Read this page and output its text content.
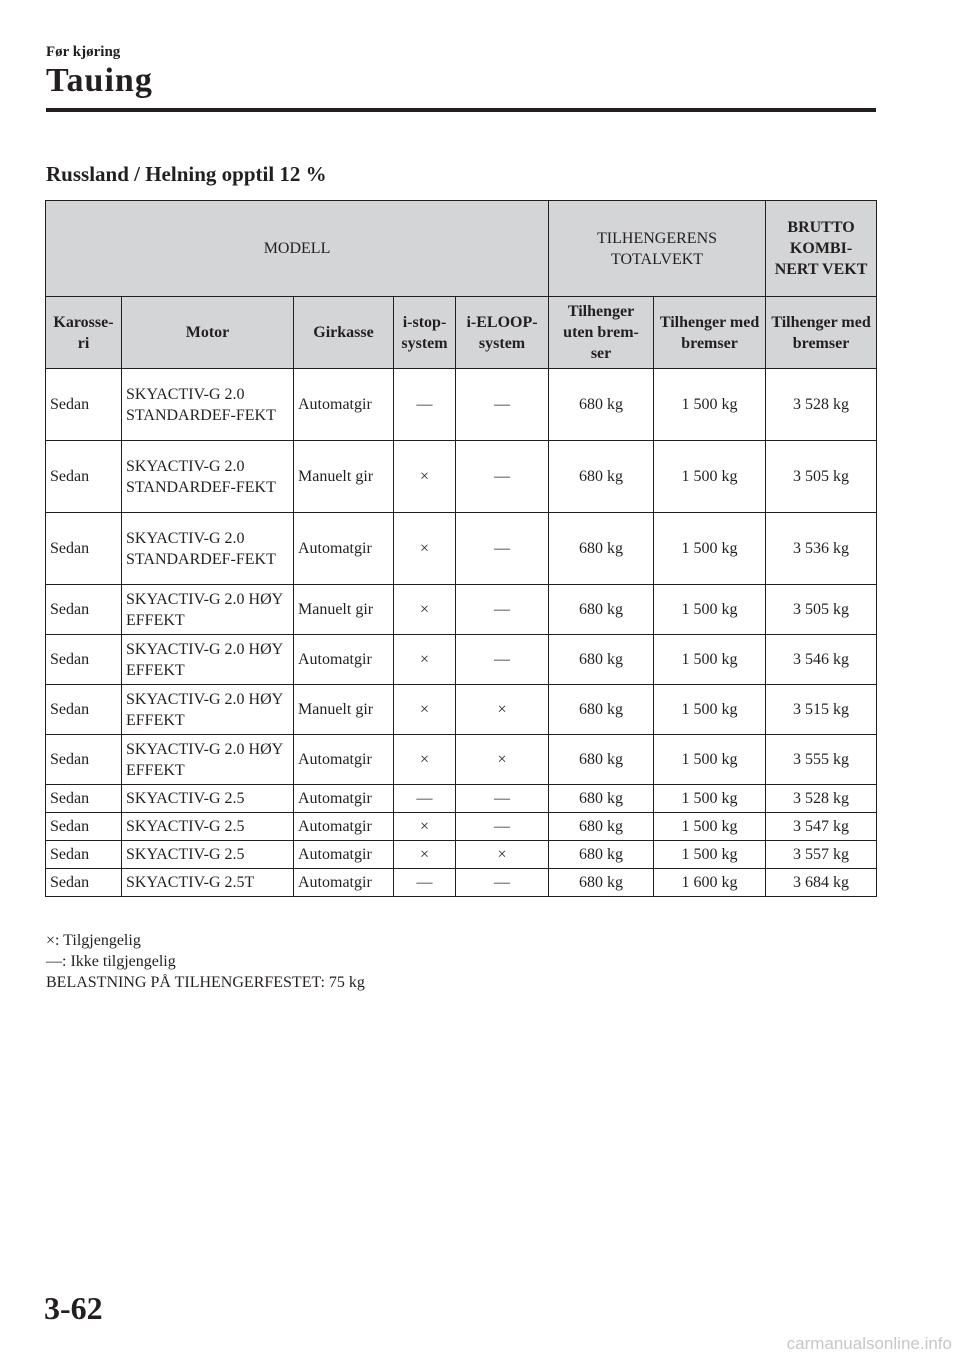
Før kjøring
Tauing
Russland / Helning opptil 12 %
MODELL					TILHENGERENS TOTALVEKT		BRUTTO KOMBI-NERT VEKT
Karosse-ri	Motor	Girkasse	i-stop-system	i-ELOOP-system	Tilhenger uten brem-ser	Tilhenger med bremser	Tilhenger med bremser
Sedan	SKYACTIV-G 2.0 STANDARDEF-FEKT	Automatgir	—	—	680 kg	1 500 kg	3 528 kg
Sedan	SKYACTIV-G 2.0 STANDARDEF-FEKT	Manuelt gir	×	—	680 kg	1 500 kg	3 505 kg
Sedan	SKYACTIV-G 2.0 STANDARDEF-FEKT	Automatgir	×	—	680 kg	1 500 kg	3 536 kg
Sedan	SKYACTIV-G 2.0 HØY EFFEKT	Manuelt gir	×	—	680 kg	1 500 kg	3 505 kg
Sedan	SKYACTIV-G 2.0 HØY EFFEKT	Automatgir	×	—	680 kg	1 500 kg	3 546 kg
Sedan	SKYACTIV-G 2.0 HØY EFFEKT	Manuelt gir	×	×	680 kg	1 500 kg	3 515 kg
Sedan	SKYACTIV-G 2.0 HØY EFFEKT	Automatgir	×	×	680 kg	1 500 kg	3 555 kg
Sedan	SKYACTIV-G 2.5	Automatgir	—	—	680 kg	1 500 kg	3 528 kg
Sedan	SKYACTIV-G 2.5	Automatgir	×	—	680 kg	1 500 kg	3 547 kg
Sedan	SKYACTIV-G 2.5	Automatgir	×	×	680 kg	1 500 kg	3 557 kg
Sedan	SKYACTIV-G 2.5T	Automatgir	—	—	680 kg	1 600 kg	3 684 kg
×: Tilgjengelig
—: Ikke tilgjengelig
BELASTNING PÅ TILHENGERFESTET: 75 kg
3-62
carmanualsonline.info
